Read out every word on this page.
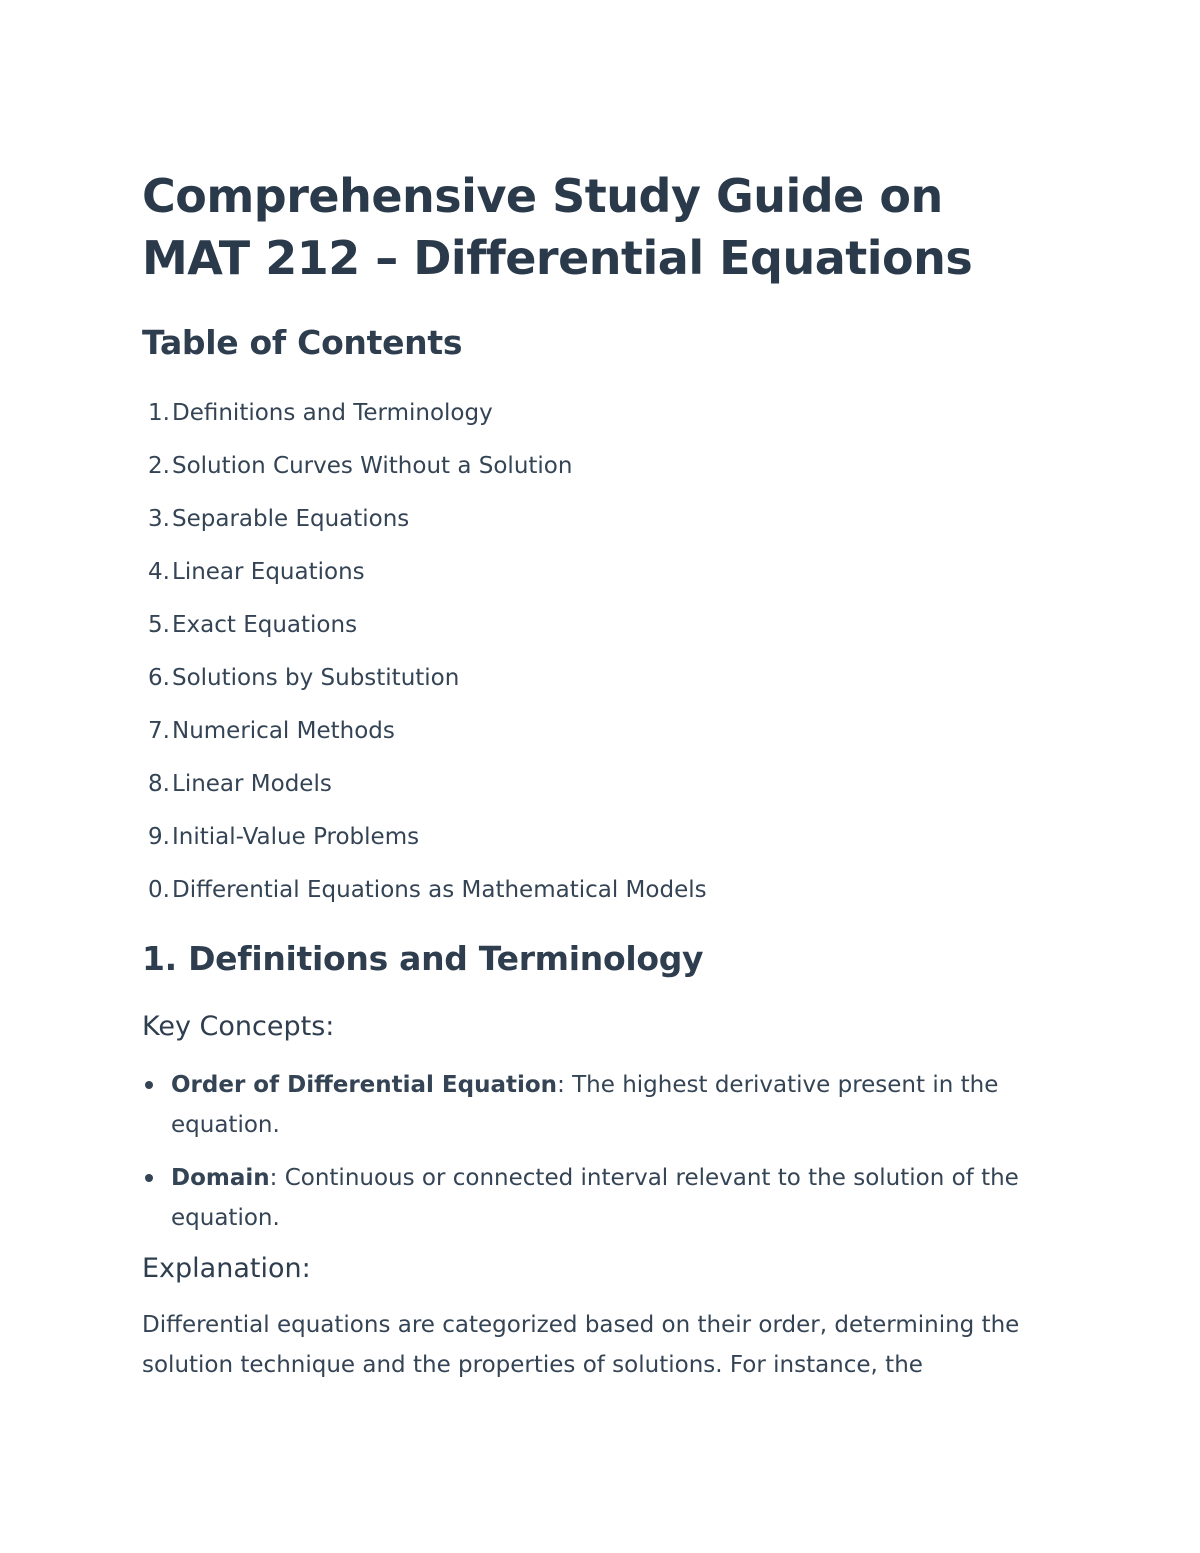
Comprehensive Study Guide on MAT 212 – Differential Equations
Table of Contents
1. Definitions and Terminology
2. Solution Curves Without a Solution
3. Separable Equations
4. Linear Equations
5. Exact Equations
6. Solutions by Substitution
7. Numerical Methods
8. Linear Models
9. Initial-Value Problems
0. Differential Equations as Mathematical Models
1. Definitions and Terminology
Key Concepts:
Order of Differential Equation: The highest derivative present in the equation.
Domain: Continuous or connected interval relevant to the solution of the equation.
Explanation:

Differential equations are categorized based on their order, determining the solution technique and the properties of solutions. For instance, the
